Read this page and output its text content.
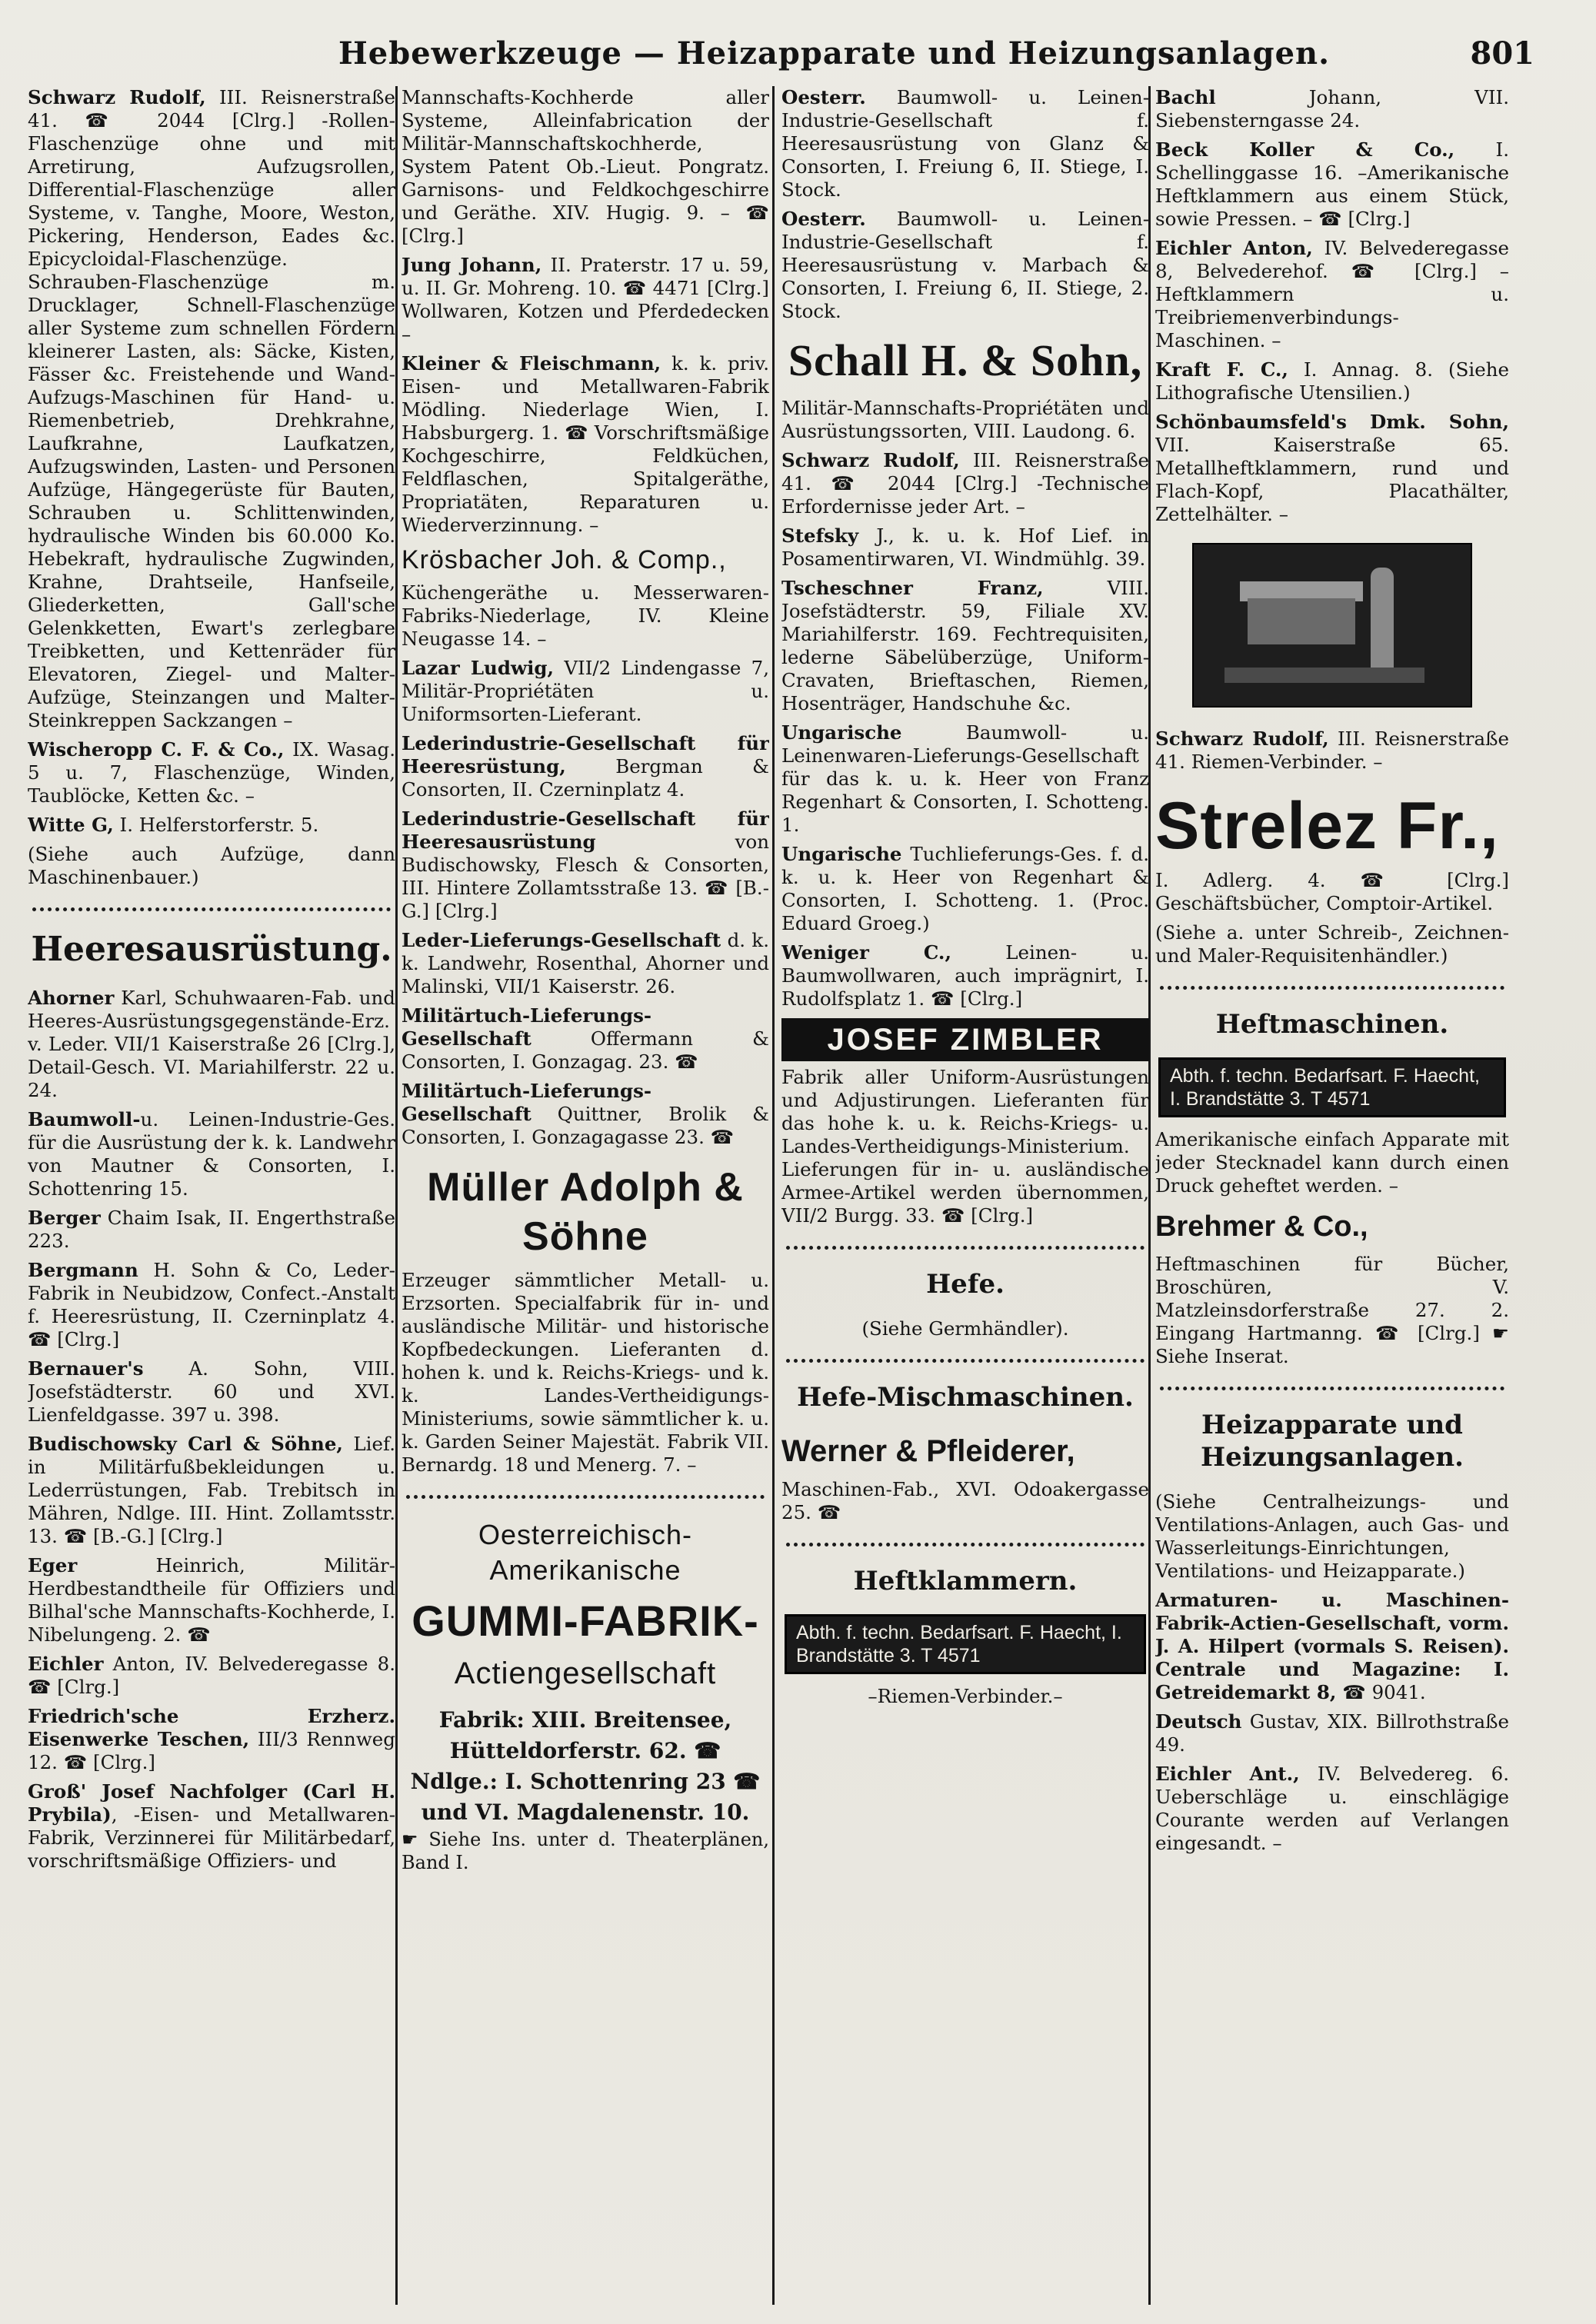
Hebewerkzeuge — Heizapparate und Heizungsanlagen.	801
Schwarz Rudolf, III. Reisnerstraße 41. ☎ 2044 [Clrg.] -Rollen-Flaschenzüge ohne und mit Arretirung, Aufzugsrollen, Differential-Flaschenzüge aller Systeme, v. Tanghe, Moore, Weston, Pickering, Henderson, Eades &c. Epicycloidal-Flaschenzüge. Schrauben-Flaschenzüge m. Drucklager, Schnell-Flaschenzüge aller Systeme zum schnellen Fördern kleinerer Lasten, als: Säcke, Kisten, Fässer &c. Freistehende und Wand-Aufzugs-Maschinen für Hand- u. Riemenbetrieb, Drehkrahne, Laufkrahne, Laufkatzen, Aufzugswinden, Lasten- und Personen Aufzüge, Hängegerüste für Bauten, Schrauben u. Schlittenwinden, hydraulische Winden bis 60.000 Ko. Hebekraft, hydraulische Zugwinden, Krahne, Drahtseile, Hanfseile, Gliederketten, Gall'sche Gelenkketten, Ewart's zerlegbare Treibketten, und Kettenräder für Elevatoren, Ziegel- und Malter-Aufzüge, Steinzangen und Malter-Steinkreppen Sackzangen –
Wischeropp C. F. & Co., IX. Wasag. 5 u. 7, Flaschenzüge, Winden, Taublöcke, Ketten &c. –
Witte G, I. Helferstorferstr. 5.
(Siehe auch Aufzüge, dann Maschinenbauer.)
Heeresausrüstung.
Ahorner Karl, Schuhwaaren-Fab. und Heeres-Ausrüstungsgegenstände-Erz. v. Leder. VII/1 Kaiserstraße 26 [Clrg.], Detail-Gesch. VI. Mariahilferstr. 22 u. 24.
Baumwoll-u. Leinen-Industrie-Ges. für die Ausrüstung der k. k. Landwehr von Mautner & Consorten, I. Schottenring 15.
Berger Chaim Isak, II. Engerthstraße 223.
Bergmann H. Sohn & Co, Leder-Fabrik in Neubidzow, Confect.-Anstalt f. Heeresrüstung, II. Czerninplatz 4. ☎ [Clrg.]
Bernauer's A. Sohn, VIII. Josefstädterstr. 60 und XVI. Lienfeldgasse. 397 u. 398.
Budischowsky Carl & Söhne, Lief. in Militärfußbekleidungen u. Lederrüstungen, Fab. Trebitsch in Mähren, Ndlge. III. Hint. Zollamtsstr. 13. ☎ [B.-G.] [Clrg.]
Eger	Heinrich, Militär-Herdbestandtheile für Offiziers und Bilhal'sche Mannschafts-Kochherde, I. Nibelungeng. 2. ☎
Eichler Anton, IV. Belvederegasse 8. ☎ [Clrg.]
Friedrich'sche Erzherz. Eisenwerke Teschen, III/3 Rennweg 12. ☎ [Clrg.]
Groß' Josef Nachfolger (Carl H. Prybila), -Eisen- und Metallwaren-Fabrik, Verzinnerei für Militärbedarf, vorschriftsmäßige Offiziers- und
Mannschafts-Kochherde aller Systeme, Alleinfabrication der Militär-Mannschaftskochherde, System Patent Ob.-Lieut. Pongratz. Garnisons- und Feldkochgeschirre und Geräthe. XIV. Hugig. 9. – ☎ [Clrg.]
Jung Johann, II. Praterstr. 17 u. 59, u. II. Gr. Mohreng. 10. ☎ 4471 [Clrg.] Wollwaren, Kotzen und Pferdedecken –
Kleiner & Fleischmann, k. k. priv. Eisen- und Metallwaren-Fabrik Mödling. Niederlage Wien, I. Habsburgerg. 1. ☎ Vorschriftsmäßige Kochgeschirre, Feldküchen, Feldflaschen, Spitalgeräthe, Propriatäten, Reparaturen u. Wiederverzinnung. –
Krösbacher Joh. & Comp.,
Küchengeräthe u. Messerwaren-Fabriks-Niederlage, IV. Kleine Neugasse 14. –
Lazar Ludwig, VII/2 Lindengasse 7, Militär-Propriétäten u. Uniformsorten-Lieferant.
Lederindustrie-Gesellschaft für Heeresrüstung,	Bergman & Consorten, II. Czerninplatz 4.
Lederindustrie-Gesellschaft für Heeresausrüstung	von Budischowsky, Flesch & Consorten, III. Hintere Zollamtsstraße 13. ☎ [B.-G.] [Clrg.]
Leder-Lieferungs-Gesellschaft d. k. k. Landwehr, Rosenthal, Ahorner und Malinski, VII/1 Kaiserstr. 26.
Militärtuch-Lieferungs-Gesellschaft	Offermann & Consorten, I. Gonzagag. 23. ☎
Militärtuch-Lieferungs-Gesellschaft Quittner, Brolik & Consorten, I. Gonzagagasse 23. ☎
Müller Adolph & Söhne
Erzeuger sämmtlicher Metall- u. Erzsorten. Specialfabrik für in- und ausländische Militär- und historische Kopfbedeckungen. Lieferanten d. hohen k. und k. Reichs-Kriegs- und k. k. Landes-Vertheidigungs-Ministeriums, sowie sämmtlicher k. u. k. Garden Seiner Majestät. Fabrik VII. Bernardg. 18 und Menerg. 7. –
Oesterreichisch-Amerikanische
GUMMI-FABRIK-
Actiengesellschaft
Fabrik: XIII. Breitensee, Hütteldorferstr. 62. ☎
Ndlge.: I. Schottenring 23 ☎ und VI. Magdalenenstr. 10.
☛ Siehe Ins. unter d. Theaterplänen, Band I.
Oesterr. Baumwoll- u. Leinen-Industrie-Gesellschaft f. Heeresausrüstung von Glanz & Consorten, I. Freiung 6, II. Stiege, I. Stock.
Oesterr. Baumwoll- u. Leinen-Industrie-Gesellschaft f. Heeresausrüstung v. Marbach & Consorten, I. Freiung 6, II. Stiege, 2. Stock.
Schall H. & Sohn,
Militär-Mannschafts-Propriétäten und Ausrüstungssorten, VIII. Laudong. 6.
Schwarz Rudolf, III. Reisnerstraße 41. ☎ 2044 [Clrg.] -Technische Erfordernisse jeder Art. –
Stefsky J., k. u. k. Hof Lief. in Posamentirwaren, VI. Windmühlg. 39.
Tscheschner Franz,	VIII. Josefstädterstr. 59, Filiale XV. Mariahilferstr. 169. Fechtrequisiten, lederne Säbelüberzüge, Uniform-Cravaten, Brieftaschen, Riemen, Hosenträger, Handschuhe &c.
Ungarische	Baumwoll- u. Leinenwaren-Lieferungs-Gesellschaft für das k. u. k. Heer von Franz Regenhart & Consorten, I. Schotteng. 1.
Ungarische Tuchlieferungs-Ges. f. d. k. u. k. Heer von Regenhart & Consorten, I. Schotteng. 1. (Proc. Eduard Groeg.)
Weniger C.,	Leinen- u. Baumwollwaren, auch imprägnirt, I. Rudolfsplatz 1. ☎ [Clrg.]
JOSEF ZIMBLER
Fabrik aller Uniform-Ausrüstungen und Adjustirungen. Lieferanten für das hohe k. u. k. Reichs-Kriegs- u. Landes-Vertheidigungs-Ministerium. Lieferungen für in- u. ausländische Armee-Artikel werden übernommen, VII/2 Burgg. 33. ☎ [Clrg.]
Hefe.
(Siehe Germhändler).
Hefe-Mischmaschinen.
Werner & Pfleiderer,
Maschinen-Fab., XVI. Odoakergasse 25. ☎
Heftklammern.
Abth. f. techn. Bedarfsart. F. Haecht, I. Brandstätte 3. T 4571
–Riemen-Verbinder.–
Bachl	Johann, VII. Siebensterngasse 24.
Beck Koller & Co., I. Schellinggasse 16. –Amerikanische Heftklammern aus einem Stück, sowie Pressen. – ☎ [Clrg.]
Eichler Anton, IV. Belvederegasse 8, Belvederehof. ☎ [Clrg.] –Heftklammern u. Treibriemenverbindungs-Maschinen. –
Kraft F. C., I. Annag. 8. (Siehe Lithografische Utensilien.)
Schönbaumsfeld's Dmk. Sohn, VII. Kaiserstraße 65. Metallheftklammern, rund und Flach-Kopf, Placathälter, Zettelhälter. –
Schwarz Rudolf, III. Reisnerstraße 41. Riemen-Verbinder. –
Strelez Fr.,
I. Adlerg. 4. ☎ [Clrg.] Geschäftsbücher, Comptoir-Artikel.
(Siehe a. unter Schreib-, Zeichnen- und Maler-Requisitenhändler.)
Heftmaschinen.
Abth. f. techn. Bedarfsart. F. Haecht, I. Brandstätte 3. T 4571
Amerikanische einfach Apparate mit jeder Stecknadel kann durch einen Druck geheftet werden. –
Brehmer & Co.,
Heftmaschinen für Bücher, Broschüren, V. Matzleinsdorferstraße 27. 2. Eingang Hartmanng. ☎ [Clrg.] ☛ Siehe Inserat.
Heizapparate und Heizungsanlagen.
(Siehe Centralheizungs- und Ventilations-Anlagen, auch Gas- und Wasserleitungs-Einrichtungen, Ventilations- und Heizapparate.)
Armaturen- u. Maschinen-Fabrik-Actien-Gesellschaft, vorm. J. A. Hilpert (vormals S. Reisen). Centrale und Magazine: I. Getreidemarkt 8, ☎ 9041.
Deutsch Gustav, XIX. Billrothstraße 49.
Eichler Ant., IV. Belvedereg. 6. Ueberschläge u. einschlägige Courante werden auf Verlangen eingesandt. –
